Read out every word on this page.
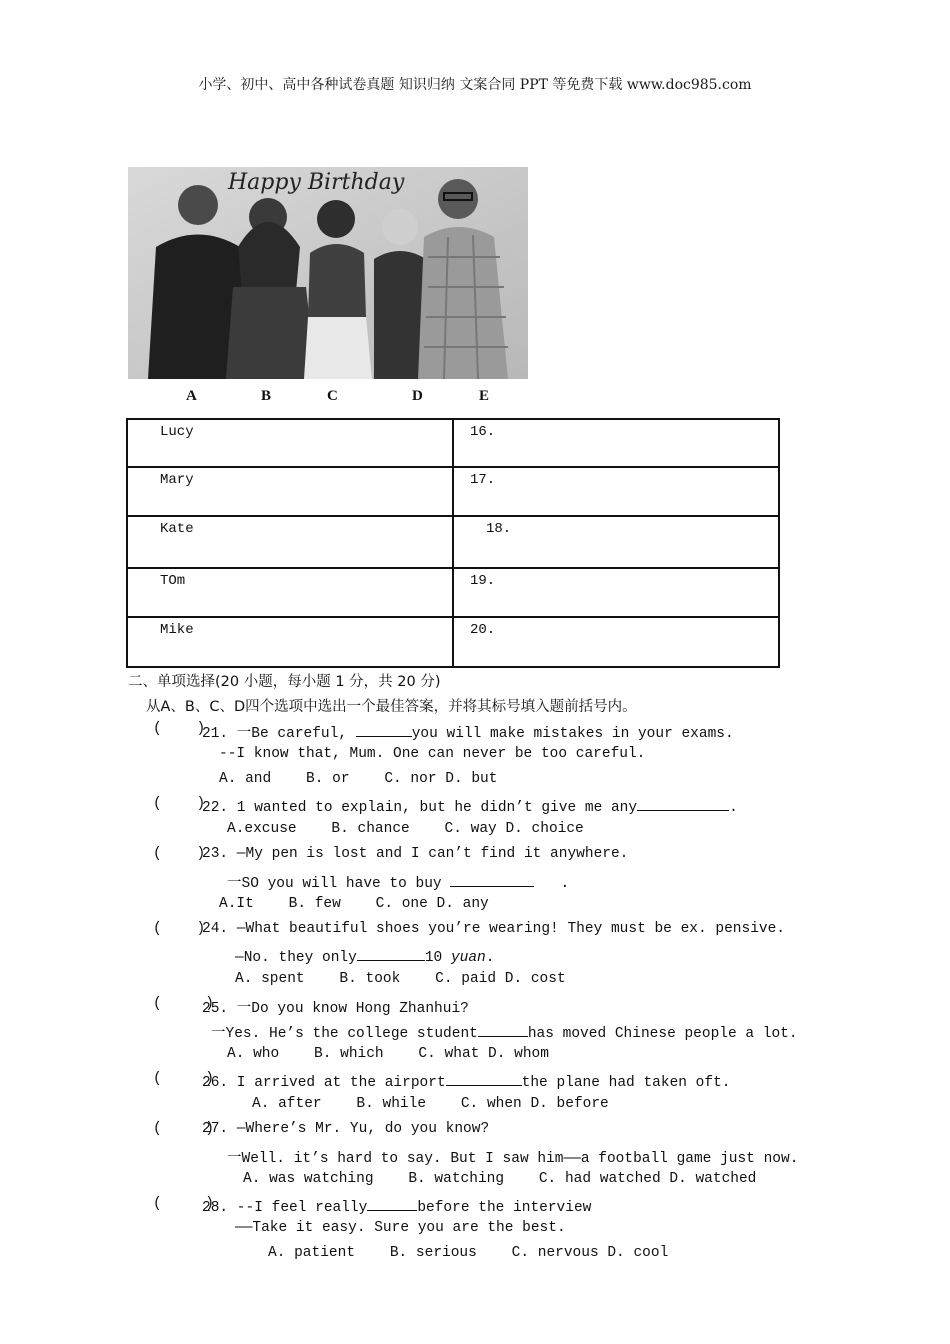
小学、初中、高中各种试卷真题 知识归纳 文案合同 PPT 等免费下载 www.doc985.com
Happy Birthday
A	B	C	D	E
Lucy	16.
Mary	17.
Kate	18.
TOm	19.
Mike	20.
二、单项选择(20 小题，每小题 1 分，共 20 分)
从A、B、C、D四个选项中选出一个最佳答案，并将其标号填入题前括号内。
(    )
21. 一Be careful,	you will make mistakes in your exams.
--I know that, Mum. One can never be too careful.
A. and    B. or    C. nor D. but
(    )
22. 1 wanted to explain, but he didn’t give me any	.
A.excuse    B. chance    C. way D. choice
(    )
23. —My pen is lost and I can’t find it anywhere.
一SO you will have to buy	.
A.It    B. few    C. one D. any
(    )
24. —What beautiful shoes you’re wearing! They must be ex. pensive.
—No. they only	10 yuan.
A. spent    B. took    C. paid D. cost
(     )
25. 一Do you know Hong Zhanhui?
一Yes. He’s the college student	has moved Chinese people a lot.
A. who    B. which    C. what D. whom
(     )
26. I arrived at the airport	the plane had taken oft.
A. after    B. while    C. when D. before
(     )
27. —Where’s Mr. Yu, do you know?
一Well. it’s hard to say. But I saw him——a football game just now.
A. was watching    B. watching    C. had watched D. watched
(     )
28. --I feel really	before the interview
——Take it easy. Sure you are the best.
A. patient    B. serious    C. nervous D. cool
